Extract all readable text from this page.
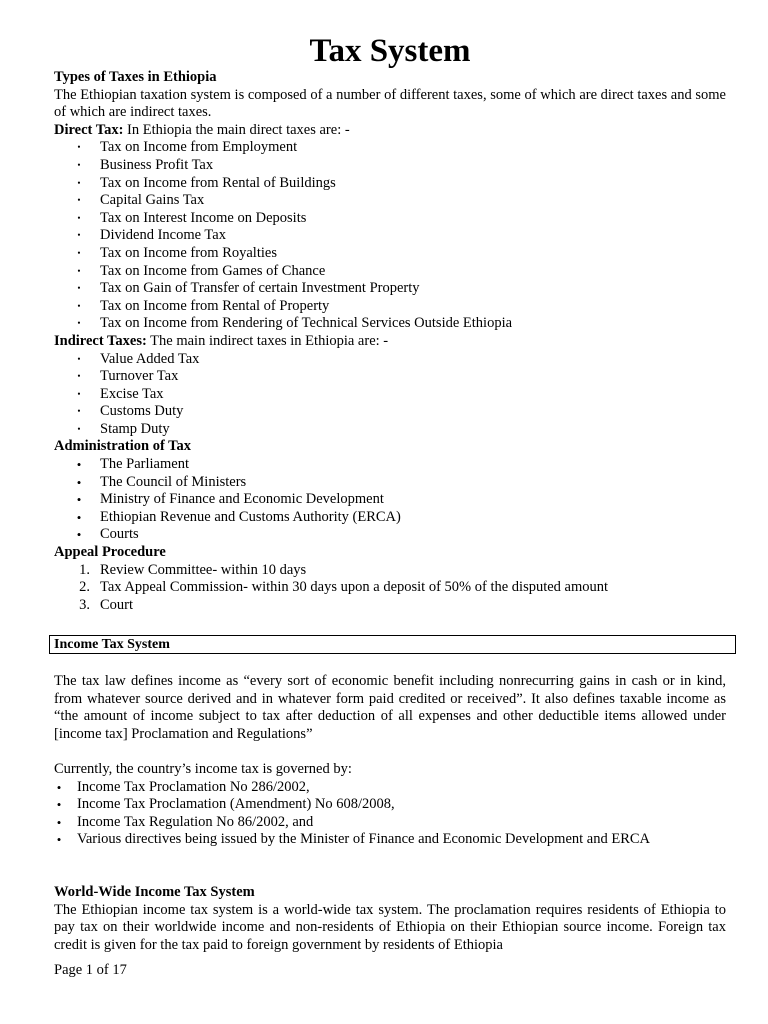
Tax System
Types of Taxes in Ethiopia
The Ethiopian taxation system is composed of a number of different taxes, some of which are direct taxes and some of which are indirect taxes.
Direct Tax: In Ethiopia the main direct taxes are: -
• Tax on Income from Employment
• Business Profit Tax
• Tax on Income from Rental of Buildings
• Capital Gains Tax
• Tax on Interest Income on Deposits
• Dividend Income Tax
• Tax on Income from Royalties
• Tax on Income from Games of Chance
• Tax on Gain of Transfer of certain Investment Property
• Tax on Income from Rental of Property
• Tax on Income from Rendering of Technical Services Outside Ethiopia
Indirect Taxes: The main indirect taxes in Ethiopia are: -
• Value Added Tax
• Turnover Tax
• Excise Tax
• Customs Duty
• Stamp Duty
Administration of Tax
• The Parliament
• The Council of Ministers
• Ministry of Finance and Economic Development
• Ethiopian Revenue and Customs Authority (ERCA)
• Courts
Appeal Procedure
1. Review Committee- within 10 days
2. Tax Appeal Commission- within 30 days upon a deposit of 50% of the disputed amount
3. Court
Income Tax System
The tax law defines income as “every sort of economic benefit including nonrecurring gains in cash or in kind, from whatever source derived and in whatever form paid credited or received”. It also defines taxable income as “the amount of income subject to tax after deduction of all expenses and other deductible items allowed under [income tax] Proclamation and Regulations”
Currently, the country’s income tax is governed by:
• Income Tax Proclamation No 286/2002,
• Income Tax Proclamation (Amendment) No 608/2008,
• Income Tax Regulation No 86/2002, and
• Various directives being issued by the Minister of Finance and Economic Development and ERCA
World-Wide Income Tax System
The Ethiopian income tax system is a world-wide tax system. The proclamation requires residents of Ethiopia to pay tax on their worldwide income and non-residents of Ethiopia on their Ethiopian source income. Foreign tax credit is given for the tax paid to foreign government by residents of Ethiopia
Page 1 of 17
